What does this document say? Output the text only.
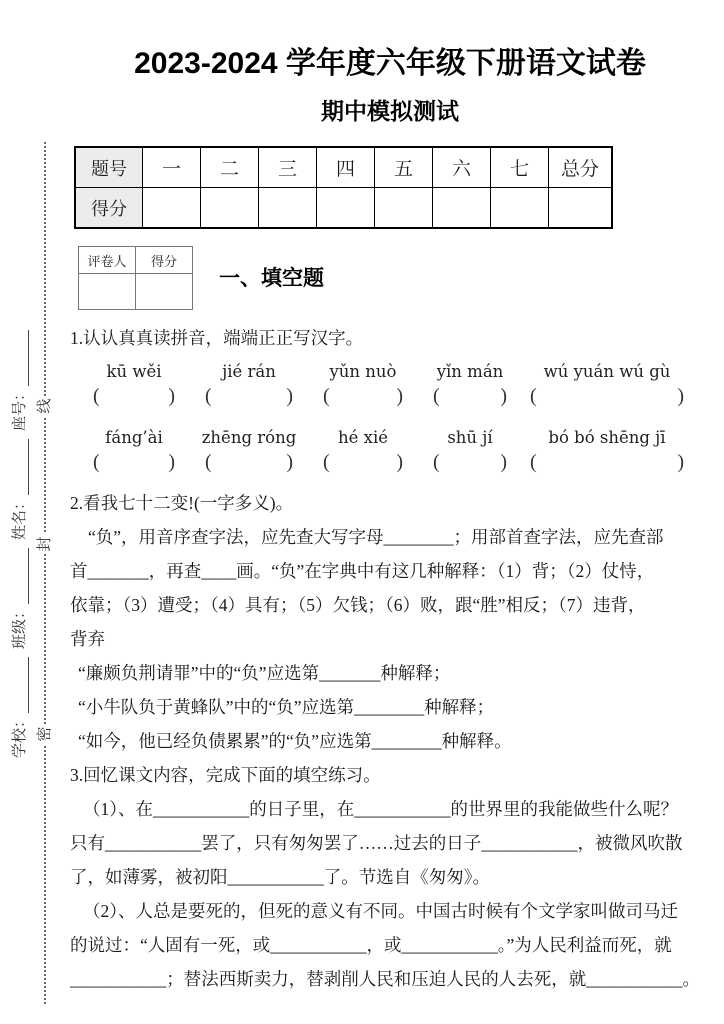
学校：
班级：
姓名：
座号：
密
封
线
2023-2024 学年度六年级下册语文试卷
期中模拟测试
题号	一	二	三	四	五	六	七	总分
得分								
评卷人	得分

一、填空题
1.认认真真读拼音，端端正正写汉字。
kū wěi	jié rán	yǔn nuò	yǐn mán	wú yuán wú gù
(	) (	) (	) (	) (	)
fáng’ài	zhēng róng	hé xié	shū jí	bó bó shēng jī
(	) (	) (	) (	) (	)
2.看我七十二变!(一字多义)。
“负”，用音序查字法，应先查大写字母________；用部首查字法，应先查部
首_______，再查____画。“负”在字典中有这几种解释：（1）背；（2）仗恃，
依靠；（3）遭受；（4）具有；（5）欠钱；（6）败，跟“胜”相反；（7）违背，
背弃
“廉颇负荆请罪”中的“负”应选第_______种解释；
“小牛队负于黄蜂队”中的“负”应选第________种解释；
“如今，他已经负债累累”的“负”应选第________种解释。
3.回忆课文内容，完成下面的填空练习。
（1）、在___________的日子里，在___________的世界里的我能做些什么呢？
只有___________罢了，只有匆匆罢了……过去的日子___________，被微风吹散
了，如薄雾，被初阳___________了。节选自《匆匆》。
（2）、人总是要死的，但死的意义有不同。中国古时候有个文学家叫做司马迁
的说过：“人固有一死，或___________，或___________。”为人民利益而死，就
___________；替法西斯卖力，替剥削人民和压迫人民的人去死，就___________。
